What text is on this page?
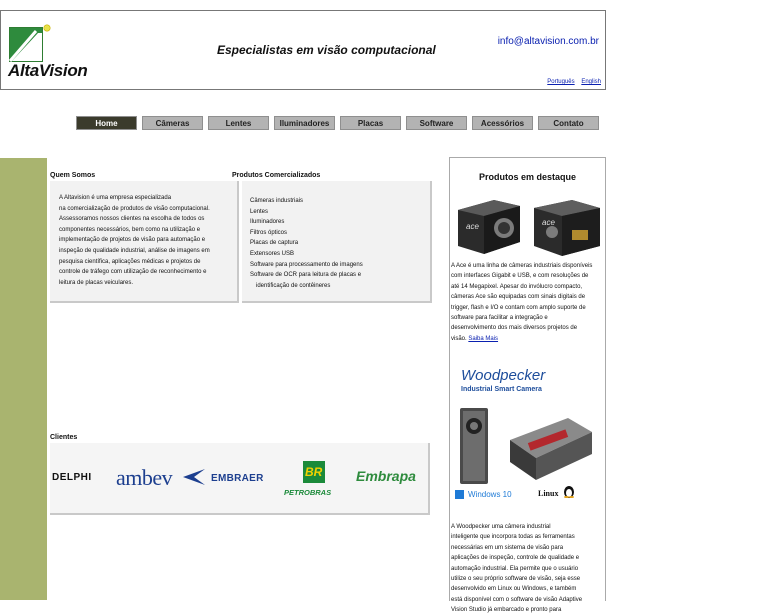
AltaVision
Especialistas em visão computacional
info@altavision.com.br
Português English
Home	Câmeras	Lentes	Iluminadores	Placas	Software	Acessórios	Contato
Quem Somos
A Altavision é uma empresa especializada
na comercialização de produtos de visão computacional.
Assessoramos nossos clientes na escolha de todos os
componentes necessários, bem como na utilização e
implementação de projetos de visão para automação e
inspeção de qualidade industrial, análise de imagens em
pesquisa científica, aplicações médicas e projetos de
controle de tráfego com utilização de reconhecimento e
leitura de placas veiculares.
Produtos Comercializados
Câmeras industriais
Lentes
Iluminadores
Filtros ópticos
Placas de captura
Extensores USB
Software para processamento de imagens
Software de OCR para leitura de placas e
identificação de contêineres
Clientes
DELPHI ambev	EMBRAER	BR
PETROBRAS
Embrapa
Produtos em destaque
ace	ace
A Ace é uma linha de câmeras industriais disponíveis
com interfaces Gigabit e USB, e com resoluções de
até 14 Megapixel. Apesar do invólucro compacto,
câmeras Ace são equipadas com sinais digitais de
trigger, flash e I/O e contam com amplo suporte de
software para facilitar a integração e
desenvolvimento dos mais diversos projetos de
visão. Saiba Mais
Woodpecker
Industrial Smart Camera
Windows 10	Linux
A Woodpecker uma câmera industrial
inteligente que incorpora todas as ferramentas
necessárias em um sistema de visão para
aplicações de inspeção, controle de qualidade e
automação industrial. Ela permite que o usuário
utilize o seu próprio software de visão, seja esse
desenvolvido em Linux ou Windows, e também
está disponível com o software de visão Adaptive
Vision Studio já embarcado e pronto para
